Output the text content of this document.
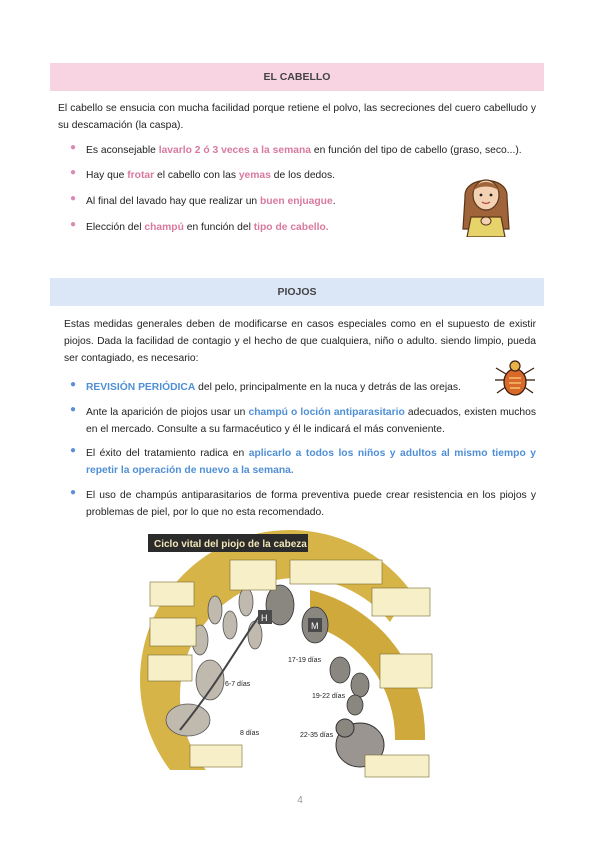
EL CABELLO
El cabello se ensucia con mucha facilidad porque retiene el polvo, las secreciones del cuero cabelludo y su descamación (la caspa).
● Es aconsejable lavarlo 2 ó 3 veces a la semana en función del tipo de cabello (graso, seco...).
● Hay que frotar el cabello con las yemas de los dedos.
● Al final del lavado hay que realizar un buen enjuague.
● Elección del champú en función del tipo de cabello.
PIOJOS
Estas medidas generales deben de modificarse en casos especiales como en el supuesto de existir piojos. Dada la facilidad de contagio y el hecho de que cualquiera, niño o adulto. siendo limpio, pueda ser contagiado, es necesario:
● REVISIÓN PERIÓDICA del pelo, principalmente en la nuca y detrás de las orejas.
● Ante la aparición de piojos usar un champú o loción antiparasitario adecuados, existen muchos en el mercado. Consulte a su farmacéutico y él le indicará el más conveniente.
● El éxito del tratamiento radica en aplicarlo a todos los niños y adultos al mismo tiempo y repetir la operación de nuevo a la semana.
● El uso de champús antiparasitarios de forma preventiva puede crear resistencia en los piojos y problemas de piel, por lo que no esta recomendado.
Ciclo vital del piojo de la cabeza
H
M
6-7 días
8 días
17-19 días
19-22 días
22-35 días
4
